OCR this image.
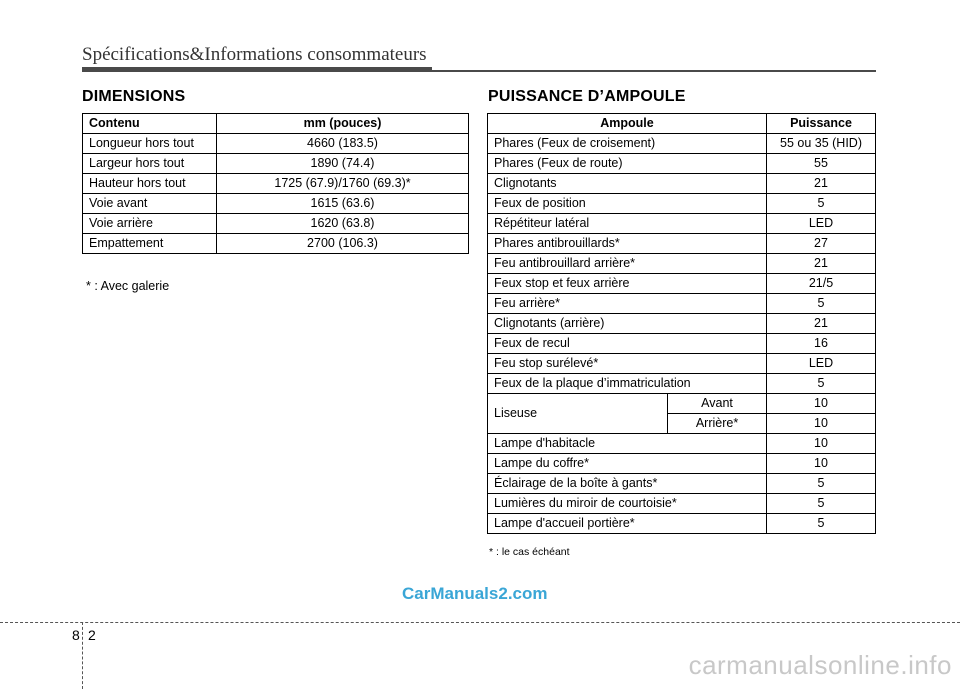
Spécifications&Informations consommateurs
DIMENSIONS
Contenu	mm (pouces)
Longueur hors tout	4660 (183.5)
Largeur hors tout	1890 (74.4)
Hauteur hors tout	1725 (67.9)/1760 (69.3)*
Voie avant	1615 (63.6)
Voie arrière	1620 (63.8)
Empattement	2700 (106.3)
* : Avec galerie
PUISSANCE D’AMPOULE
Ampoule		Puissance
Phares (Feux de croisement)		55 ou 35 (HID)
Phares (Feux de route)		55
Clignotants		21
Feux de position		5
Répétiteur latéral		LED
Phares antibrouillards*		27
Feu antibrouillard arrière*		21
Feux stop et feux arrière		21/5
Feu arrière*		5
Clignotants (arrière)		21
Feux de recul		16
Feu stop surélevé*		LED
Feux de la plaque d’immatriculation		5
Liseuse	Avant	10
	Arrière*	10
Lampe d'habitacle		10
Lampe du coffre*		10
Éclairage de la boîte à gants*		5
Lumières du miroir de courtoisie*		5
Lampe d'accueil portière*		5
* : le cas échéant
CarManuals2.com
8 2
carmanualsonline.info
